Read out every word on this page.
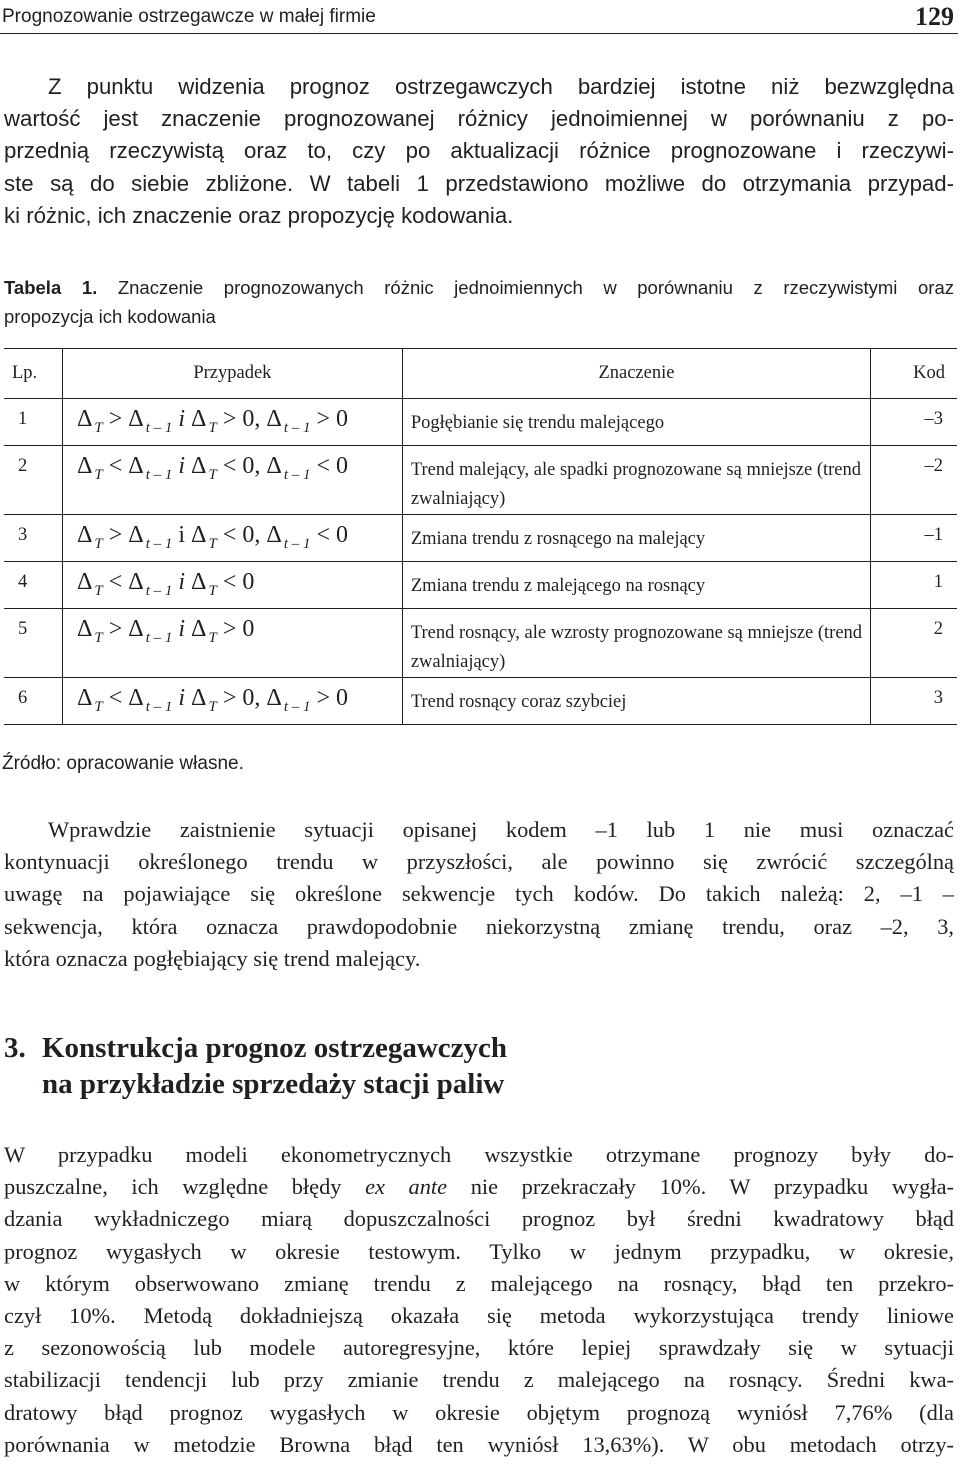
Prognozowanie ostrzegawcze w małej firmie	129
Z punktu widzenia prognoz ostrzegawczych bardziej istotne niż bezwzględna
wartość jest znaczenie prognozowanej różnicy jednoimiennej w porównaniu z po-
przednią rzeczywistą oraz to, czy po aktualizacji różnice prognozowane i rzeczywi-
ste są do siebie zbliżone. W tabeli 1 przedstawiono możliwe do otrzymania przypad-
ki różnic, ich znaczenie oraz propozycję kodowania.
Tabela 1. Znaczenie prognozowanych różnic jednoimiennych w porównaniu z rzeczywistymi oraz
propozycja ich kodowania
Lp.	Przypadek	Znaczenie	Kod
1	Δ $_T$ > Δ $_{t - 1}$ i Δ $_T$ > 0, Δ $_{t - 1}$ > 0	Pogłębianie się trendu malejącego	–3
2	Δ $_T$ < Δ $_{t - 1}$ i Δ $_T$ < 0, Δ $_{t - 1}$ < 0	Trend malejący, ale spadki prognozowane są mniejsze (trend zwalniający)	–2
3	Δ $_T$ > Δ $_{t - 1}$ i Δ $_T$ < 0, Δ $_{t - 1}$ < 0	Zmiana trendu z rosnącego na malejący	–1
4	Δ $_T$ < Δ $_{t - 1}$ i Δ $_T$ < 0	Zmiana trendu z malejącego na rosnący	1
5	Δ $_T$ > Δ $_{t - 1}$ i Δ $_T$ > 0	Trend rosnący, ale wzrosty prognozowane są mniejsze (trend zwalniający)	2
6	Δ $_T$ < Δ $_{t - 1}$ i Δ $_T$ > 0, Δ $_{t - 1}$ > 0	Trend rosnący coraz szybciej	3
Źródło: opracowanie własne.
Wprawdzie zaistnienie sytuacji opisanej kodem –1 lub 1 nie musi oznaczać
kontynuacji określonego trendu w przyszłości, ale powinno się zwrócić szczególną
uwagę na pojawiające się określone sekwencje tych kodów. Do takich należą: 2, –1 –
sekwencja, która oznacza prawdopodobnie niekorzystną zmianę trendu, oraz –2, 3,
która oznacza pogłębiający się trend malejący.
3. Konstrukcja prognoz ostrzegawczych
na przykładzie sprzedaży stacji paliw
W przypadku modeli ekonometrycznych wszystkie otrzymane prognozy były do-
puszczalne, ich względne błędy ex ante nie przekraczały 10%. W przypadku wygła-
dzania wykładniczego miarą dopuszczalności prognoz był średni kwadratowy błąd
prognoz wygasłych w okresie testowym. Tylko w jednym przypadku, w okresie,
w którym obserwowano zmianę trendu z malejącego na rosnący, błąd ten przekro-
czył 10%. Metodą dokładniejszą okazała się metoda wykorzystująca trendy liniowe
z sezonowością lub modele autoregresyjne, które lepiej sprawdzały się w sytuacji
stabilizacji tendencji lub przy zmianie trendu z malejącego na rosnący. Średni kwa-
dratowy błąd prognoz wygasłych w okresie objętym prognozą wyniósł 7,76% (dla
porównania w metodzie Browna błąd ten wyniósł 13,63%). W obu metodach otrzy-
